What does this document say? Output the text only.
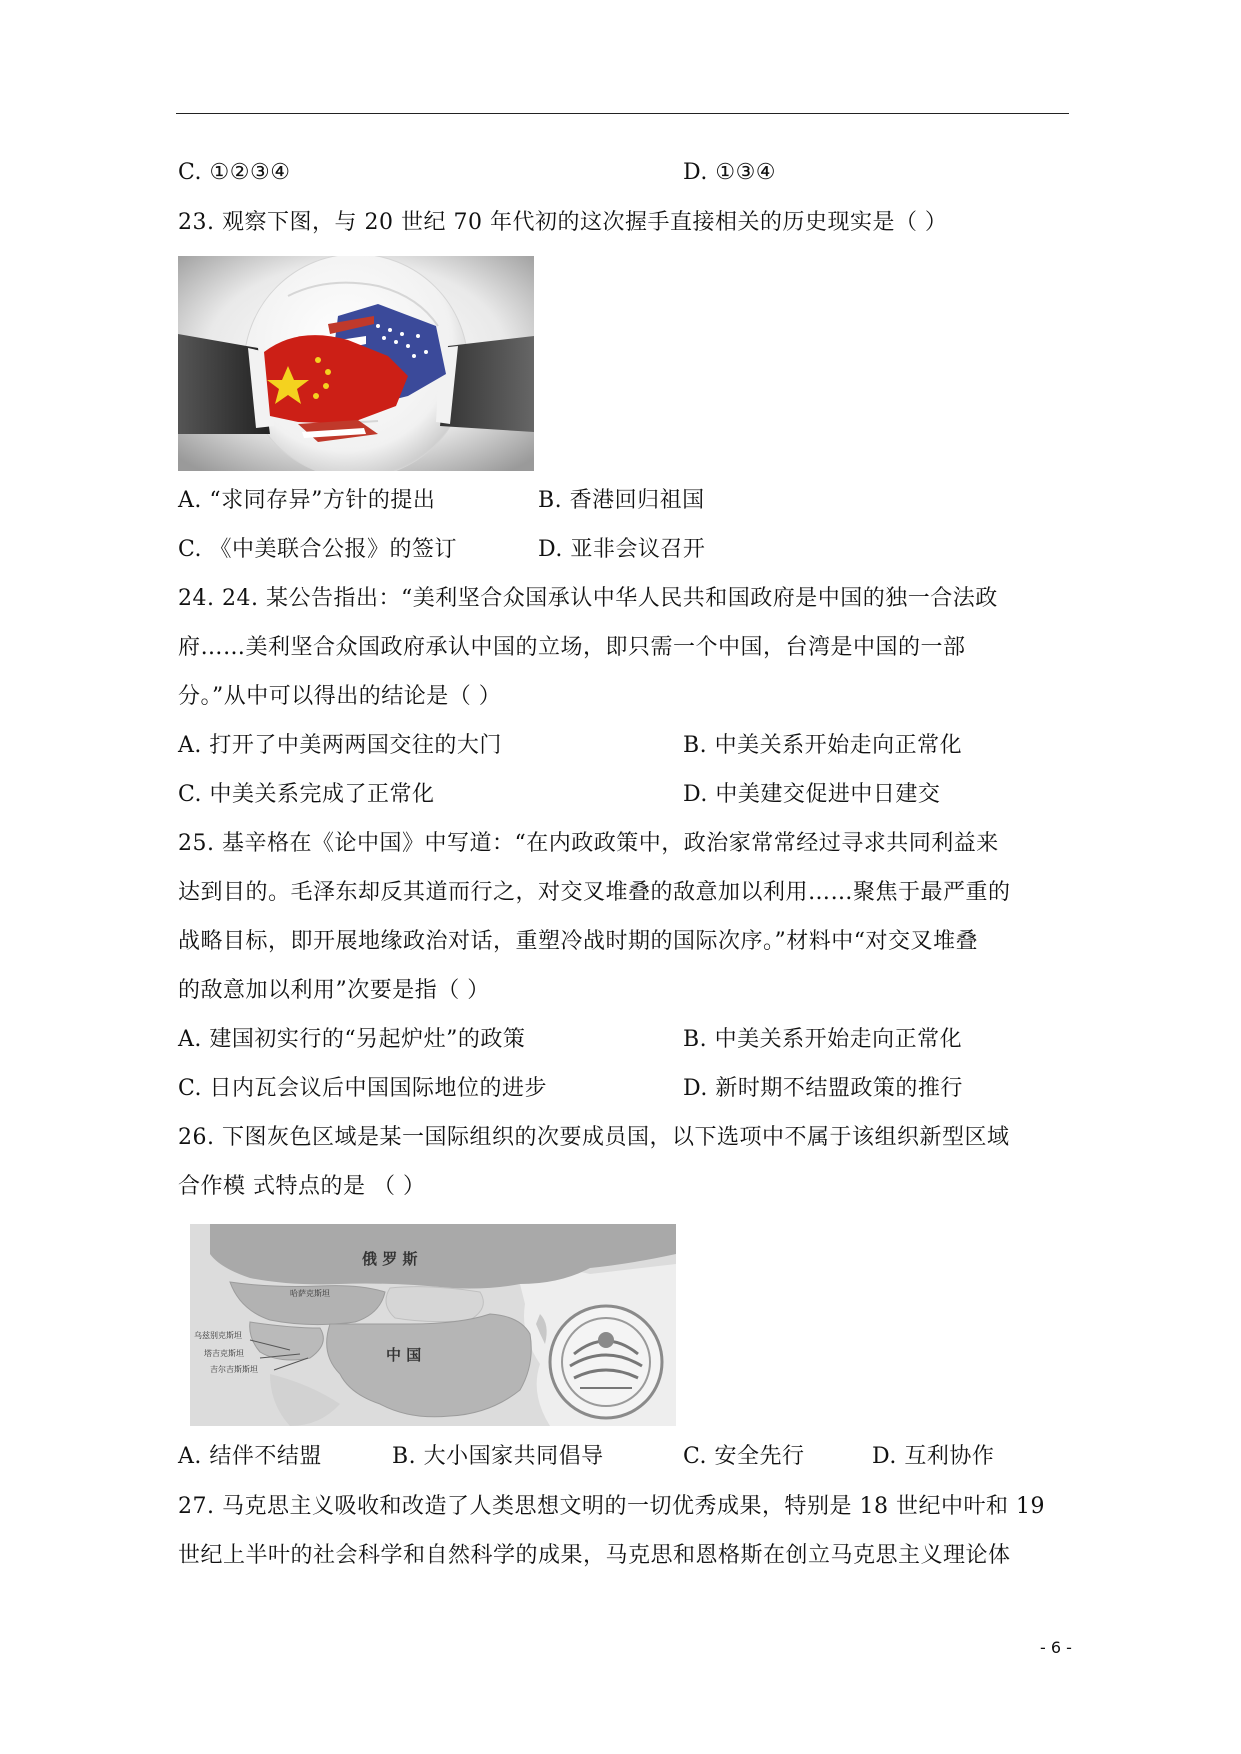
C. ①②③④	D. ①③④
23. 观察下图，与 20 世纪 70 年代初的这次握手直接相关的历史现实是（ ）
A. “求同存异”方针的提出	B. 香港回归祖国
C. 《中美联合公报》的签订	D. 亚非会议召开
24. 24. 某公告指出：“美利坚合众国承认中华人民共和国政府是中国的独一合法政
府……美利坚合众国政府承认中国的立场，即只需一个中国，台湾是中国的一部
分。”从中可以得出的结论是（ ）
A. 打开了中美两两国交往的大门	B. 中美关系开始走向正常化
C. 中美关系完成了正常化	D. 中美建交促进中日建交
25. 基辛格在《论中国》中写道：“在内政政策中，政治家常常经过寻求共同利益来
达到目的。毛泽东却反其道而行之，对交叉堆叠的敌意加以利用……聚焦于最严重的
战略目标，即开展地缘政治对话，重塑冷战时期的国际次序。”材料中“对交叉堆叠
的敌意加以利用”次要是指（ ）
A. 建国初实行的“另起炉灶”的政策	B. 中美关系开始走向正常化
C. 日内瓦会议后中国国际地位的进步	D. 新时期不结盟政策的推行
26. 下图灰色区域是某一国际组织的次要成员国，以下选项中不属于该组织新型区域
合作模 式特点的是 （ ）
俄 罗 斯
哈萨克斯坦
乌兹别克斯坦
塔吉克斯坦
吉尔吉斯斯坦
中 国
A. 结伴不结盟	B. 大小国家共同倡导	C. 安全先行	D. 互利协作
27. 马克思主义吸收和改造了人类思想文明的一切优秀成果，特别是 18 世纪中叶和 19
世纪上半叶的社会科学和自然科学的成果，马克思和恩格斯在创立马克思主义理论体
- 6 -
